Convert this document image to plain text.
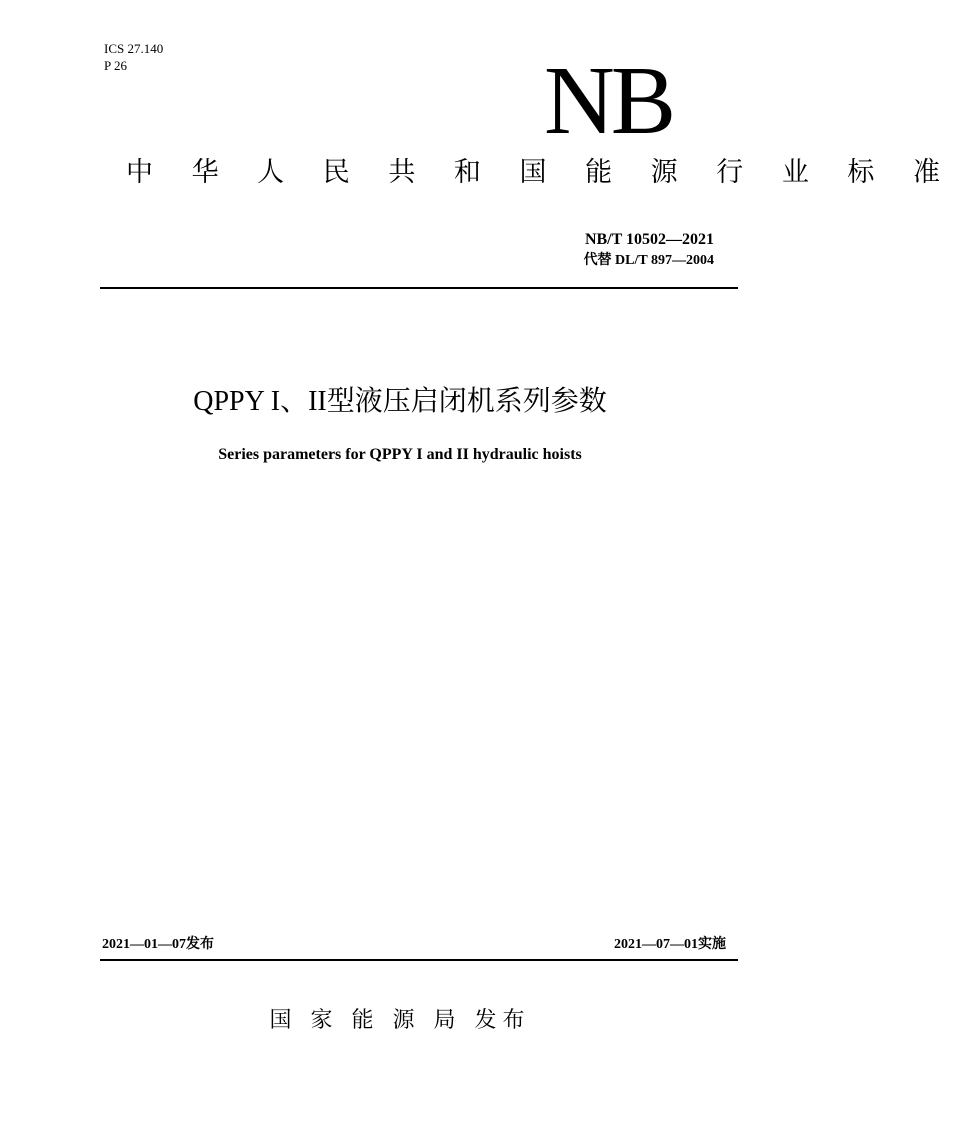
ICS 27.140
P 26	NB
中 华 人 民 共 和 国 能 源 行 业 标 准
NB/T 10502—2021
代替 DL/T 897—2004
QPPY I、II型液压启闭机系列参数
Series parameters for QPPY I and II hydraulic hoists
2021—01—07发布	2021—07—01实施
国 家 能 源 局 发布
